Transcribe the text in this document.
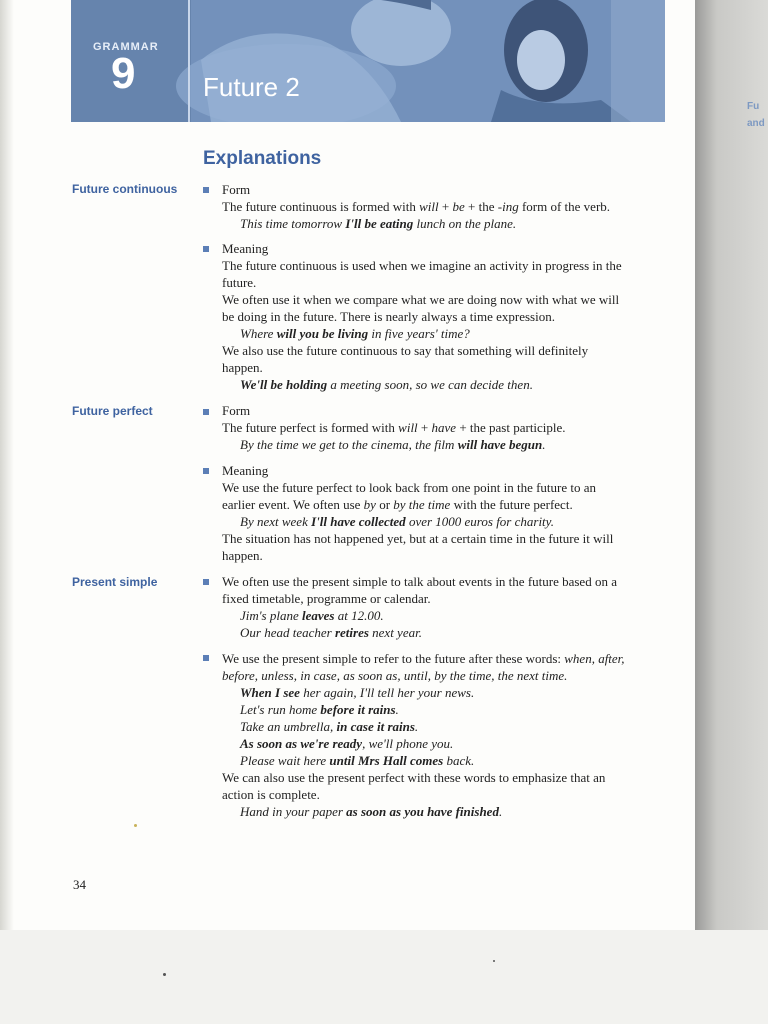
Fu
and
GRAMMAR
9	Future 2
Explanations
Future continuous
Future perfect
Present simple
Form
The future continuous is formed with will + be + the -ing form of the verb.
This time tomorrow I'll be eating lunch on the plane.
Meaning
The future continuous is used when we imagine an activity in progress in the
future.
We often use it when we compare what we are doing now with what we will
be doing in the future. There is nearly always a time expression.
Where will you be living in five years' time?
We also use the future continuous to say that something will definitely
happen.
We'll be holding a meeting soon, so we can decide then.
Form
The future perfect is formed with will + have + the past participle.
By the time we get to the cinema, the film will have begun.
Meaning
We use the future perfect to look back from one point in the future to an
earlier event. We often use by or by the time with the future perfect.
By next week I'll have collected over 1000 euros for charity.
The situation has not happened yet, but at a certain time in the future it will
happen.
We often use the present simple to talk about events in the future based on a
fixed timetable, programme or calendar.
Jim's plane leaves at 12.00.
Our head teacher retires next year.
We use the present simple to refer to the future after these words: when, after,
before, unless, in case, as soon as, until, by the time, the next time.
When I see her again, I'll tell her your news.
Let's run home before it rains.
Take an umbrella, in case it rains.
As soon as we're ready, we'll phone you.
Please wait here until Mrs Hall comes back.
We can also use the present perfect with these words to emphasize that an
action is complete.
Hand in your paper as soon as you have finished.
34
